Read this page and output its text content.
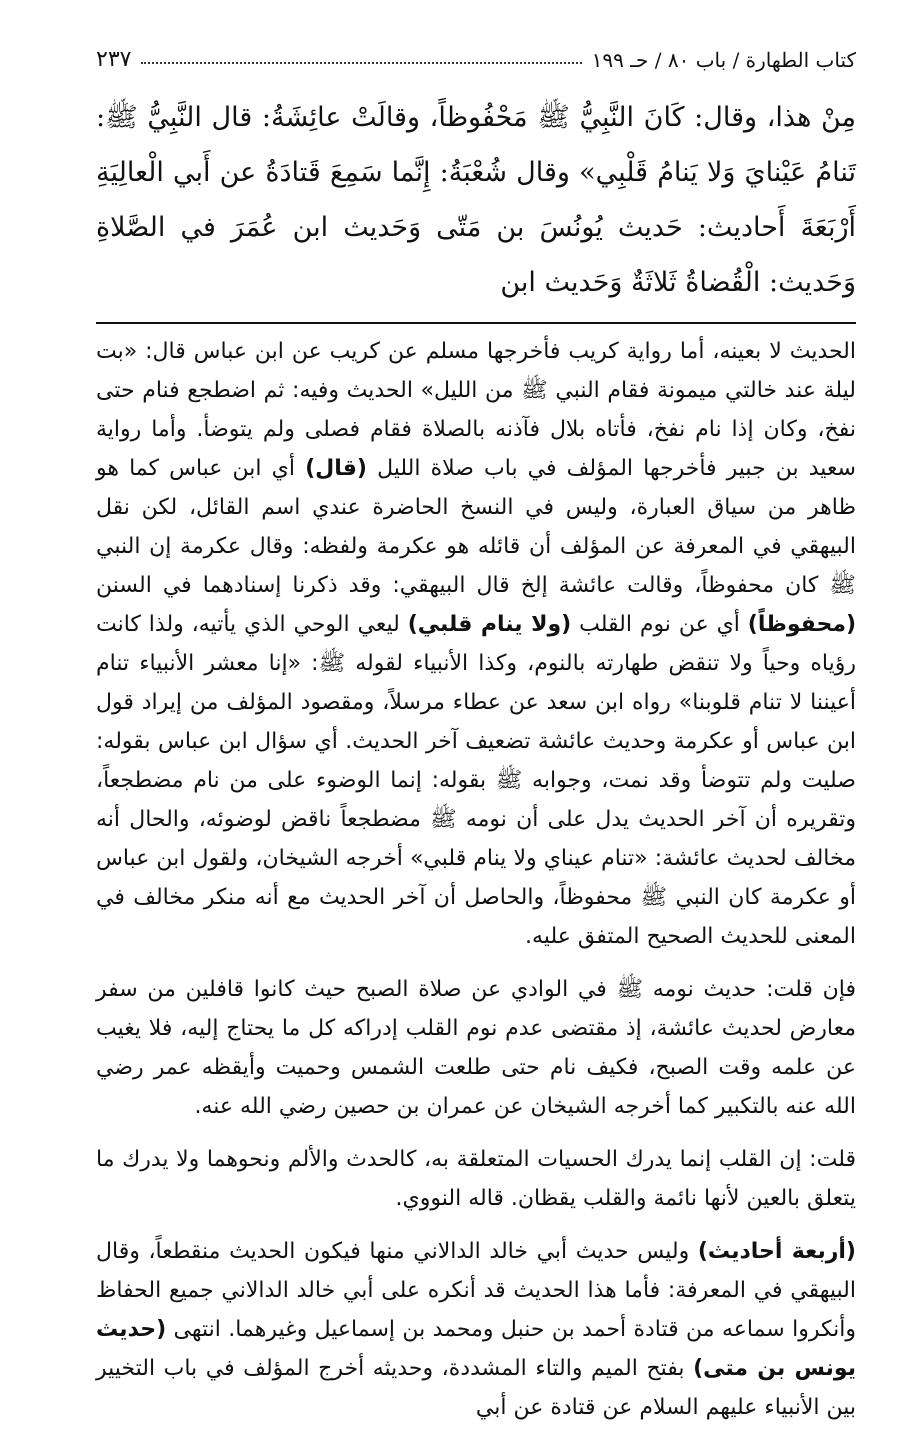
كتاب الطهارة / باب ٨٠ / حـ ١٩٩
٢٣٧
مِنْ هذا، وقال: كَانَ النَّبِيُّ ﷺ مَحْفُوظاً، وقالَتْ عائِشَةُ: قال النَّبِيُّ ﷺ: تَنامُ عَيْنايَ وَلا يَنامُ قَلْبِي» وقال شُعْبَةُ: إِنَّما سَمِعَ قَتادَةُ عن أَبي الْعالِيَةِ أَرْبَعَةَ أَحاديث: حَديث يُونُسَ بن مَتّى وَحَديث ابن عُمَرَ في الصَّلاةِ وَحَديث: الْقُضاةُ ثَلاثَةٌ وَحَديث ابن

الحديث لا بعينه، أما رواية كريب فأخرجها مسلم عن كريب عن ابن عباس قال: «بت ليلة عند خالتي ميمونة فقام النبي ﷺ من الليل» الحديث وفيه: ثم اضطجع فنام حتى نفخ، وكان إذا نام نفخ، فأتاه بلال فآذنه بالصلاة فقام فصلى ولم يتوضأ. وأما رواية سعيد بن جبير فأخرجها المؤلف في باب صلاة الليل (قال) أي ابن عباس كما هو ظاهر من سياق العبارة، وليس في النسخ الحاضرة عندي اسم القائل، لكن نقل البيهقي في المعرفة عن المؤلف أن قائله هو عكرمة ولفظه: وقال عكرمة إن النبي ﷺ كان محفوظاً، وقالت عائشة إلخ قال البيهقي: وقد ذكرنا إسنادهما في السنن (محفوظاً) أي عن نوم القلب (ولا ينام قلبي) ليعي الوحي الذي يأتيه، ولذا كانت رؤياه وحياً ولا تنقض طهارته بالنوم، وكذا الأنبياء لقوله ﷺ: «إنا معشر الأنبياء تنام أعيننا لا تنام قلوبنا» رواه ابن سعد عن عطاء مرسلاً، ومقصود المؤلف من إيراد قول ابن عباس أو عكرمة وحديث عائشة تضعيف آخر الحديث. أي سؤال ابن عباس بقوله: صليت ولم تتوضأ وقد نمت، وجوابه ﷺ بقوله: إنما الوضوء على من نام مضطجعاً، وتقريره أن آخر الحديث يدل على أن نومه ﷺ مضطجعاً ناقض لوضوئه، والحال أنه مخالف لحديث عائشة: «تنام عيناي ولا ينام قلبي» أخرجه الشيخان، ولقول ابن عباس أو عكرمة كان النبي ﷺ محفوظاً، والحاصل أن آخر الحديث مع أنه منكر مخالف في المعنى للحديث الصحيح المتفق عليه.

فإن قلت: حديث نومه ﷺ في الوادي عن صلاة الصبح حيث كانوا قافلين من سفر معارض لحديث عائشة، إذ مقتضى عدم نوم القلب إدراكه كل ما يحتاج إليه، فلا يغيب عن علمه وقت الصبح، فكيف نام حتى طلعت الشمس وحميت وأيقظه عمر رضي الله عنه بالتكبير كما أخرجه الشيخان عن عمران بن حصين رضي الله عنه.

قلت: إن القلب إنما يدرك الحسيات المتعلقة به، كالحدث والألم ونحوهما ولا يدرك ما يتعلق بالعين لأنها نائمة والقلب يقظان. قاله النووي.

(أربعة أحاديث) وليس حديث أبي خالد الدالاني منها فيكون الحديث منقطعاً، وقال البيهقي في المعرفة: فأما هذا الحديث قد أنكره على أبي خالد الدالاني جميع الحفاظ وأنكروا سماعه من قتادة أحمد بن حنبل ومحمد بن إسماعيل وغيرهما. انتهى (حديث يونس بن متى) بفتح الميم والتاء المشددة، وحديثه أخرج المؤلف في باب التخيير بين الأنبياء عليهم السلام عن قتادة عن أبي
